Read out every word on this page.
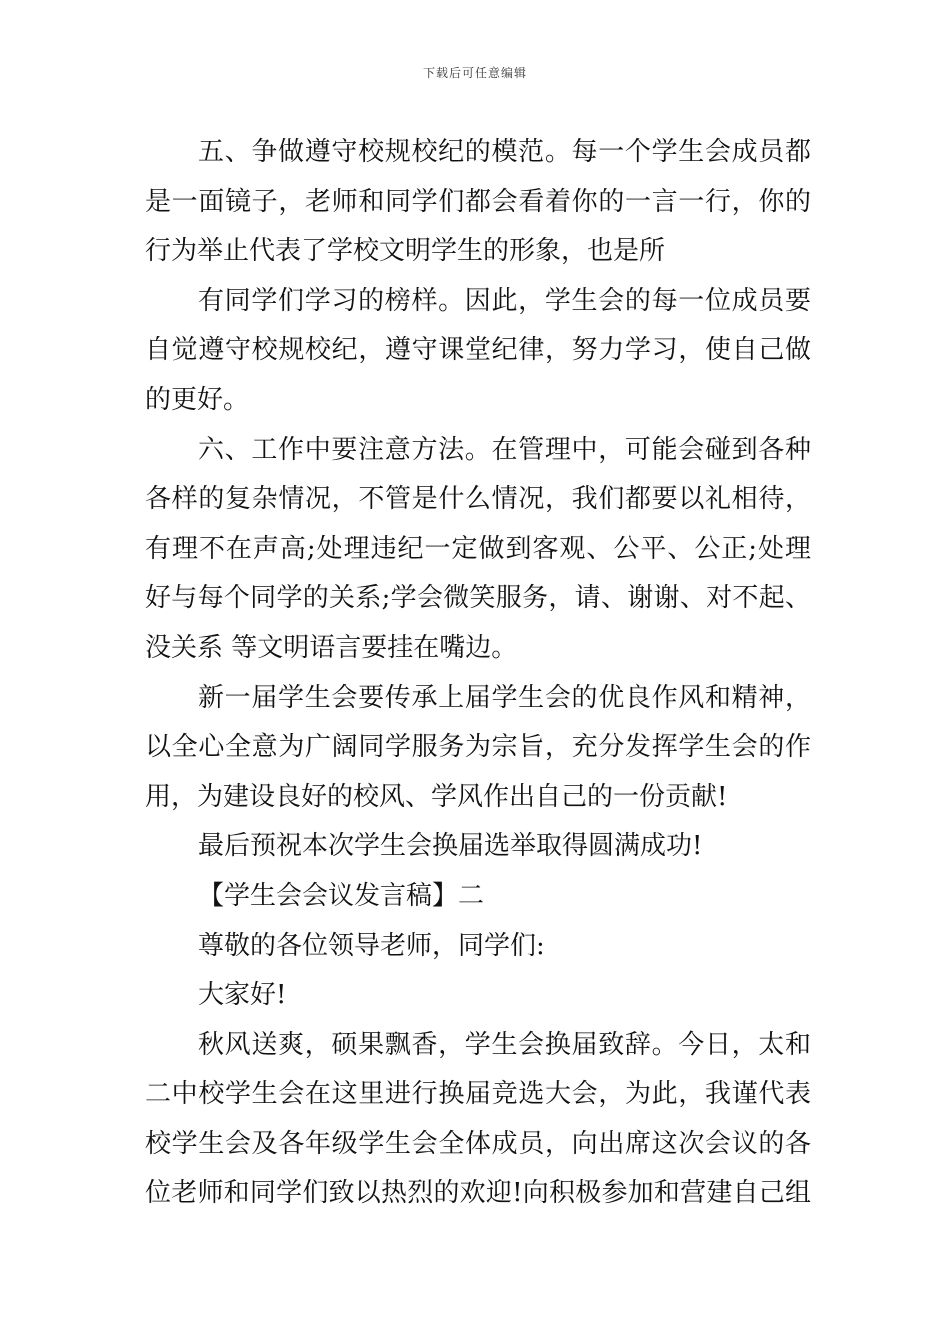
下载后可任意编辑
五、争做遵守校规校纪的模范。每一个学生会成员都
是一面镜子，老师和同学们都会看着你的一言一行，你的
行为举止代表了学校文明学生的形象，也是所
有同学们学习的榜样。因此，学生会的每一位成员要
自觉遵守校规校纪，遵守课堂纪律，努力学习，使自己做
的更好。
六、工作中要注意方法。在管理中，可能会碰到各种
各样的复杂情况，不管是什么情况，我们都要以礼相待，
有理不在声高;处理违纪一定做到客观、公平、公正;处理
好与每个同学的关系;学会微笑服务，请、谢谢、对不起、
没关系 等文明语言要挂在嘴边。
新一届学生会要传承上届学生会的优良作风和精神，
以全心全意为广阔同学服务为宗旨，充分发挥学生会的作
用，为建设良好的校风、学风作出自己的一份贡献!
最后预祝本次学生会换届选举取得圆满成功!
【学生会会议发言稿】二
尊敬的各位领导老师，同学们:
大家好!
秋风送爽，硕果飘香，学生会换届致辞。今日，太和
二中校学生会在这里进行换届竞选大会，为此，我谨代表
校学生会及各年级学生会全体成员，向出席这次会议的各
位老师和同学们致以热烈的欢迎!向积极参加和营建自己组
